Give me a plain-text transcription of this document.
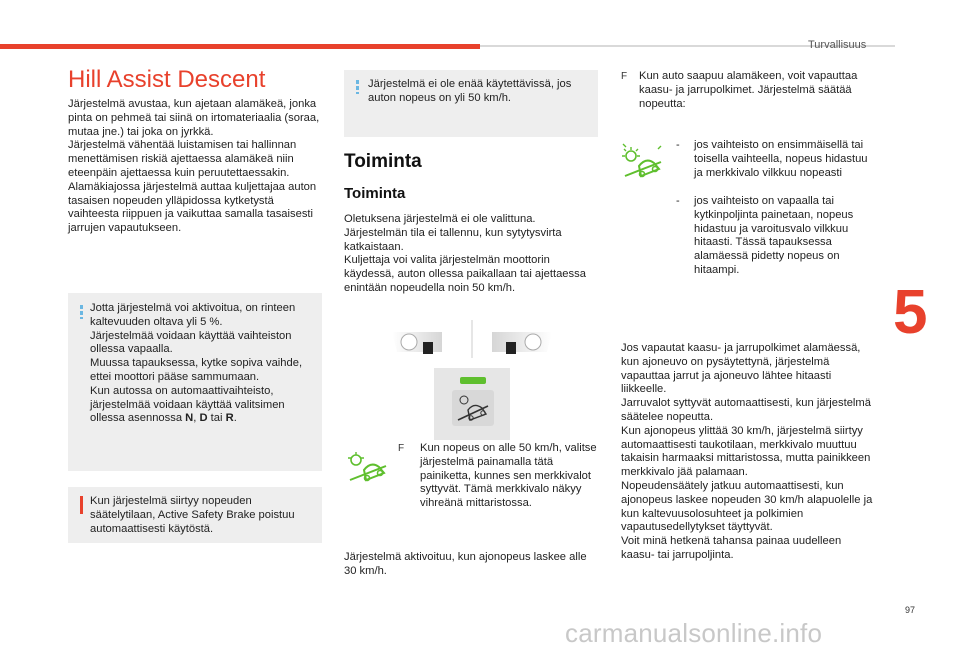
Turvallisuus
5
97
carmanualsonline.info
Hill Assist Descent

Järjestelmä avustaa, kun ajetaan alamäkeä, jonka pinta on pehmeä tai siinä on irtomateriaalia (soraa, mutaa jne.) tai joka on jyrkkä.

Järjestelmä vähentää luistamisen tai hallinnan menettämisen riskiä ajettaessa alamäkeä niin eteenpäin ajettaessa kuin peruutettaessakin.

Alamäkiajossa järjestelmä auttaa kuljettajaa auton tasaisen nopeuden ylläpidossa kytketystä vaihteesta riippuen ja vaikuttaa samalla tasaisesti jarrujen vapautukseen.

Jotta järjestelmä voi aktivoitua, on rinteen kaltevuuden oltava yli 5 %.

Järjestelmää voidaan käyttää vaihteiston ollessa vapaalla.

Muussa tapauksessa, kytke sopiva vaihde, ettei moottori pääse sammumaan.

Kun autossa on automaattivaihteisto, järjestelmää voidaan käyttää valitsimen ollessa asennossa N, D tai R.

Kun järjestelmä siirtyy nopeuden säätelytilaan, Active Safety Brake poistuu automaattisesti käytöstä.

Järjestelmä ei ole enää käytettävissä, jos auton nopeus on yli 50 km/h.

Toiminta
Toiminta

Oletuksena järjestelmä ei ole valittuna.

Järjestelmän tila ei tallennu, kun sytytysvirta katkaistaan.

Kuljettaja voi valita järjestelmän moottorin käydessä, auton ollessa paikallaan tai ajettaessa enintään nopeudella noin 50 km/h.

F Kun nopeus on alle 50 km/h, valitse järjestelmä painamalla tätä painiketta, kunnes sen merkkivalot syttyvät. Tämä merkkivalo näkyy vihreänä mittaristossa.

Järjestelmä aktivoituu, kun ajonopeus laskee alle 30 km/h.

F Kun auto saapuu alamäkeen, voit vapauttaa kaasu- ja jarrupolkimet. Järjestelmä säätää nopeutta:

- jos vaihteisto on ensimmäisellä tai toisella vaihteella, nopeus hidastuu ja merkkivalo vilkkuu nopeasti

- jos vaihteisto on vapaalla tai kytkinpoljinta painetaan, nopeus hidastuu ja varoitusvalo vilkkuu hitaasti. Tässä tapauksessa alamäessä pidetty nopeus on hitaampi.

Jos vapautat kaasu- ja jarrupolkimet alamäessä, kun ajoneuvo on pysäytettynä, järjestelmä vapauttaa jarrut ja ajoneuvo lähtee hitaasti liikkeelle.

Jarruvalot syttyvät automaattisesti, kun järjestelmä säätelee nopeutta.

Kun ajonopeus ylittää 30 km/h, järjestelmä siirtyy automaattisesti taukotilaan, merkkivalo muuttuu takaisin harmaaksi mittaristossa, mutta painikkeen merkkivalo jää palamaan.

Nopeudensäätely jatkuu automaattisesti, kun ajonopeus laskee nopeuden 30 km/h alapuolelle ja kun kaltevuusolosuhteet ja polkimien vapautusedellytykset täyttyvät.

Voit minä hetkenä tahansa painaa uudelleen kaasu- tai jarrupoljinta.
